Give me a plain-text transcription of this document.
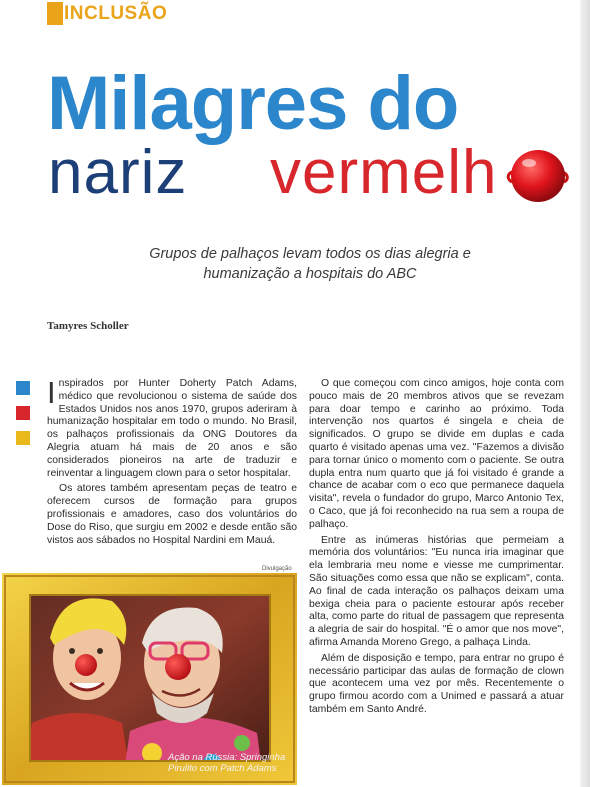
INCLUSÃO
Milagres do
nariz vermelh
Grupos de palhaços levam todos os dias alegria e humanização a hospitais do ABC
Tamyres Scholler

Inspirados por Hunter Doherty Patch Adams, médico que revolucionou o sistema de saúde dos Estados Unidos nos anos 1970, grupos aderiram à humanização hospitalar em todo o mundo. No Brasil, os palhaços profissionais da ONG Doutores da Alegria atuam há mais de 20 anos e são considerados pioneiros na arte de traduzir e reinventar a linguagem clown para o setor hospitalar.

Os atores também apresentam peças de teatro e oferecem cursos de formação para grupos profissionais e amadores, caso dos voluntários do Dose do Riso, que surgiu em 2002 e desde então são vistos aos sábados no Hospital Nardini em Mauá.

O que começou com cinco amigos, hoje conta com pouco mais de 20 membros ativos que se revezam para doar tempo e carinho ao próximo. Toda intervenção nos quartos é singela e cheia de significados. O grupo se divide em duplas e cada quarto é visitado apenas uma vez. "Fazemos a divisão para tornar único o momento com o paciente. Se outra dupla entra num quarto que já foi visitado é grande a chance de acabar com o eco que permanece daquela visita", revela o fundador do grupo, Marco Antonio Tex, o Caco, que já foi reconhecido na rua sem a roupa de palhaço.

Entre as inúmeras histórias que permeiam a memória dos voluntários: "Eu nunca iria imaginar que ela lembraria meu nome e viesse me cumprimentar. São situações como essa que não se explicam", conta. Ao final de cada interação os palhaços deixam uma bexiga cheia para o paciente estourar após receber alta, como parte do ritual de passagem que representa a alegria de sair do hospital. "É o amor que nos move", afirma Amanda Moreno Grego, a palhaça Linda.

Além de disposição e tempo, para entrar no grupo é necessário participar das aulas de formação de clown que acontecem uma vez por mês. Recentemente o grupo firmou acordo com a Unimed e passará a atuar também em Santo André.

Divulgação
Ação na Rússia: Springinha Pirulito com Patch Adams
